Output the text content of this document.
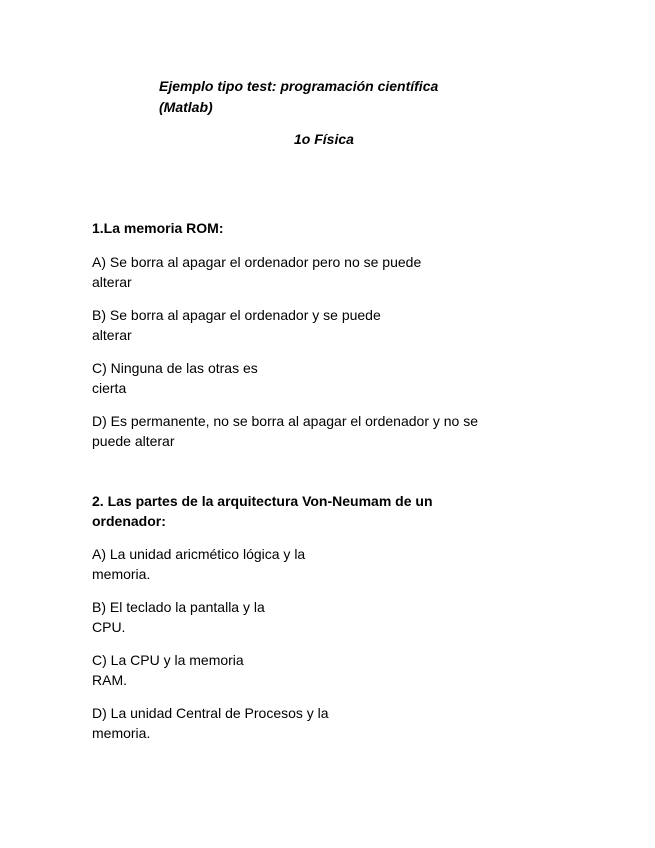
Ejemplo tipo test: programación científica
(Matlab)
1o Física

1.La memoria ROM:

A) Se borra al apagar el ordenador pero no se puede

alterar

B) Se borra al apagar el ordenador y se puede

alterar

C) Ninguna de las otras es

cierta

D) Es permanente, no se borra al apagar el ordenador y no se

puede alterar

2. Las partes de la arquitectura Von-Neumam de un

ordenador:

A) La unidad aricmético lógica y la

memoria.

B) El teclado la pantalla y la

CPU.

C) La CPU y la memoria

RAM.

D) La unidad Central de Procesos y la

memoria.
